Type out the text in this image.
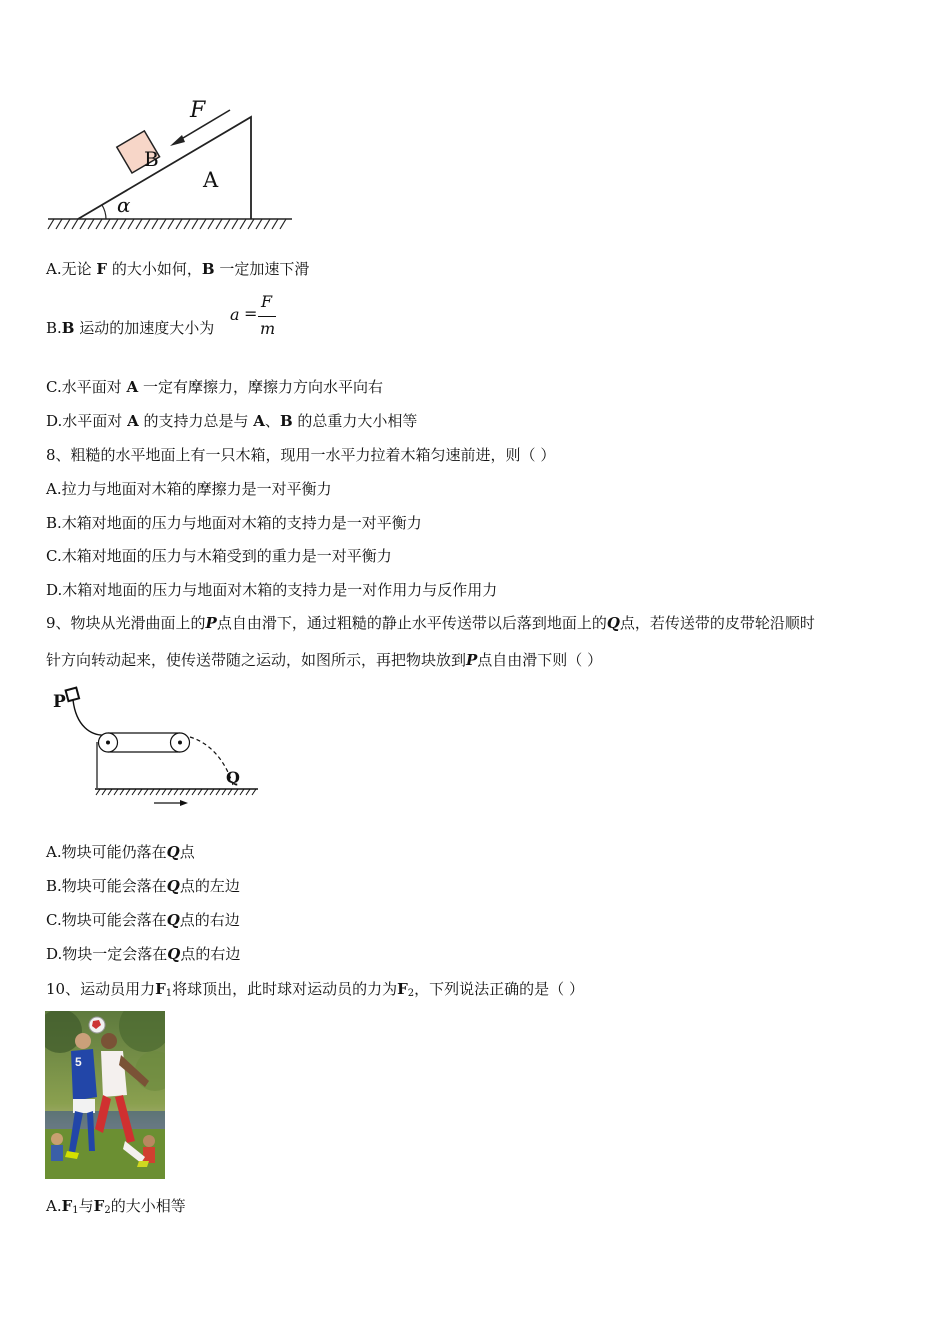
F
B
A
α
A.无论 F 的大小如何，B 一定加速下滑
B.B 运动的加速度大小为
a =
F
m
C.水平面对 A 一定有摩擦力，摩擦力方向水平向右
D.水平面对 A 的支持力总是与 A、B 的总重力大小相等
8、粗糙的水平地面上有一只木箱，现用一水平力拉着木箱匀速前进，则（ ）
A.拉力与地面对木箱的摩擦力是一对平衡力
B.木箱对地面的压力与地面对木箱的支持力是一对平衡力
C.木箱对地面的压力与木箱受到的重力是一对平衡力
D.木箱对地面的压力与地面对木箱的支持力是一对作用力与反作用力
9、物块从光滑曲面上的P点自由滑下，通过粗糙的静止水平传送带以后落到地面上的Q点，若传送带的皮带轮沿顺时
针方向转动起来，使传送带随之运动，如图所示，再把物块放到P点自由滑下则（ ）
P
Q
A.物块可能仍落在Q点
B.物块可能会落在Q点的左边
C.物块可能会落在Q点的右边
D.物块一定会落在Q点的右边
10、运动员用力$F_1$将球顶出，此时球对运动员的力为$F_2$，下列说法正确的是（ ）
5
$A.F_1$与$F_2$的大小相等
